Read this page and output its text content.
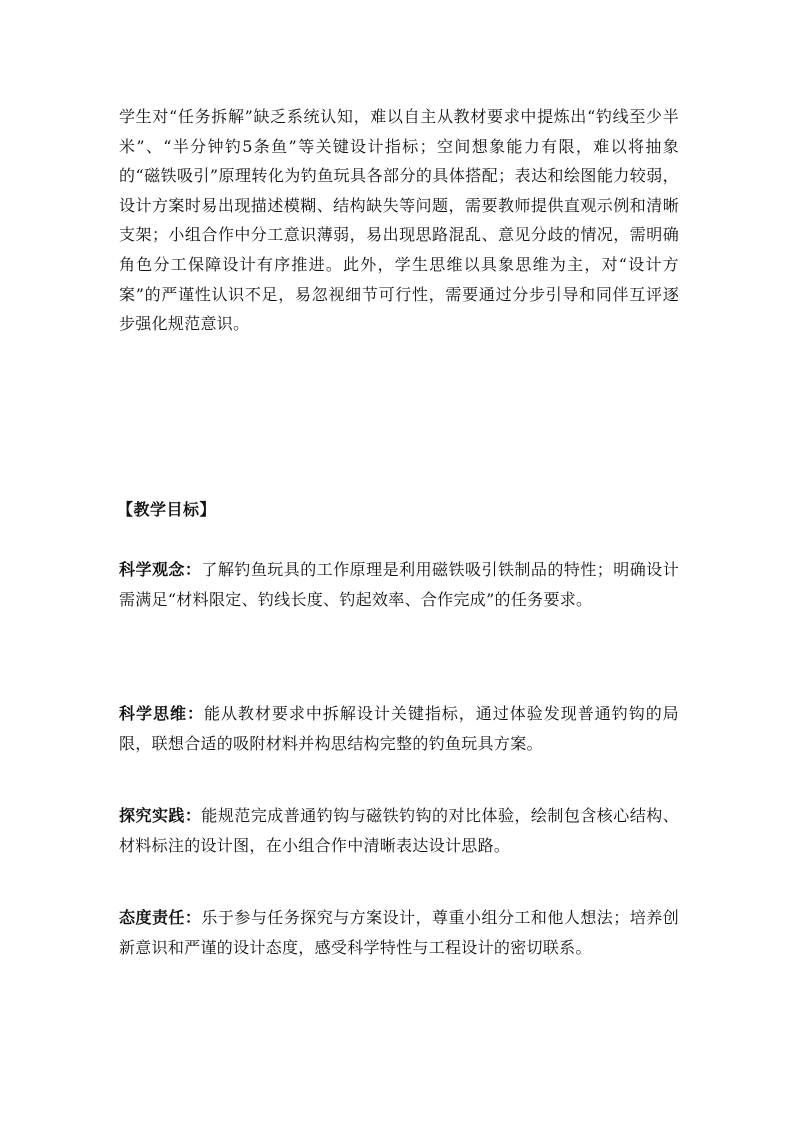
学生对“任务拆解”缺乏系统认知，难以自主从教材要求中提炼出“钓线至少半米”、“半分钟钓5条鱼”等关键设计指标；空间想象能力有限，难以将抽象的“磁铁吸引”原理转化为钓鱼玩具各部分的具体搭配；表达和绘图能力较弱，设计方案时易出现描述模糊、结构缺失等问题，需要教师提供直观示例和清晰支架；小组合作中分工意识薄弱，易出现思路混乱、意见分歧的情况，需明确角色分工保障设计有序推进。此外，学生思维以具象思维为主，对“设计方案”的严谨性认识不足，易忽视细节可行性，需要通过分步引导和同伴互评逐步强化规范意识。

【教学目标】

科学观念：了解钓鱼玩具的工作原理是利用磁铁吸引铁制品的特性；明确设计需满足“材料限定、钓线长度、钓起效率、合作完成”的任务要求。

科学思维：能从教材要求中拆解设计关键指标，通过体验发现普通钓钩的局限，联想合适的吸附材料并构思结构完整的钓鱼玩具方案。

探究实践：能规范完成普通钓钩与磁铁钓钩的对比体验，绘制包含核心结构、材料标注的设计图，在小组合作中清晰表达设计思路。

态度责任：乐于参与任务探究与方案设计，尊重小组分工和他人想法；培养创新意识和严谨的设计态度，感受科学特性与工程设计的密切联系。
